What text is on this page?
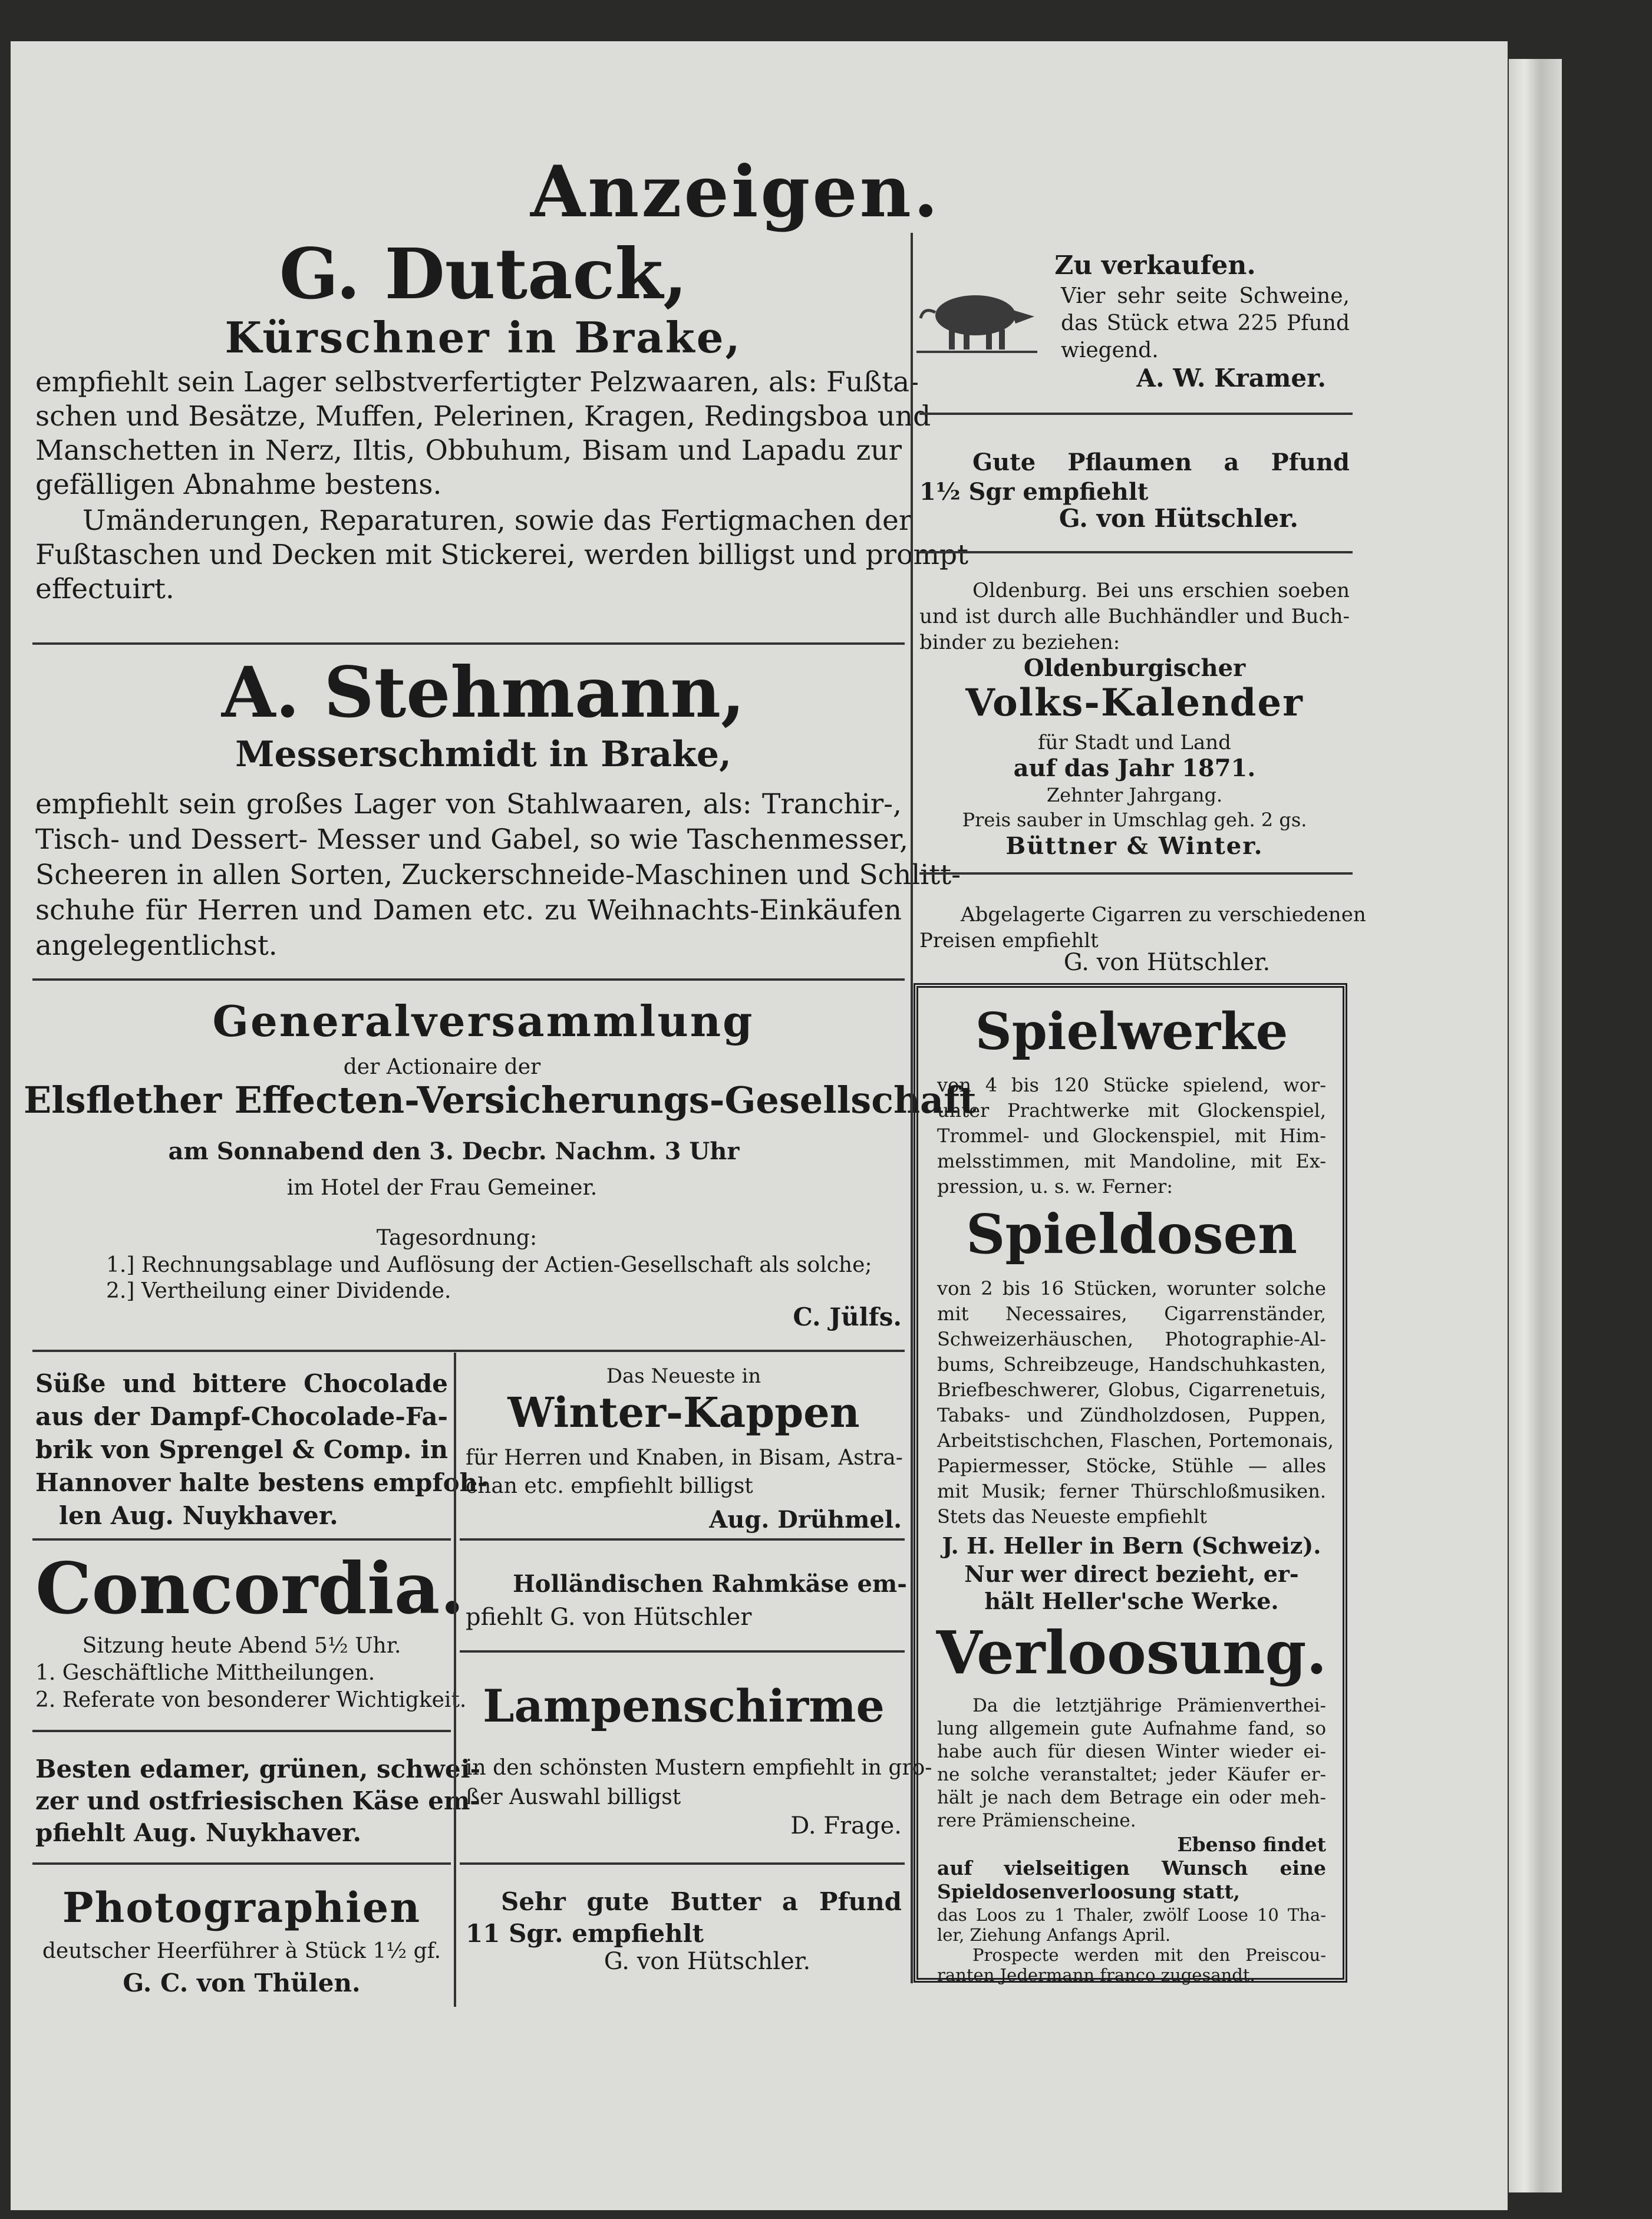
Anzeigen.
G. Dutack,
Kürschner in Brake,
empfiehlt sein Lager selbstverfertigter Pelzwaaren, als: Fußta-
schen und Besätze, Muffen, Pelerinen, Kragen, Redingsboa und
Manschetten in Nerz, Iltis, Obbuhum, Bisam und Lapadu zur
gefälligen Abnahme bestens.
Umänderungen, Reparaturen, sowie das Fertigmachen der
Fußtaschen und Decken mit Stickerei, werden billigst und prompt
effectuirt.
A. Stehmann,
Messerschmidt in Brake,
empfiehlt sein großes Lager von Stahlwaaren, als: Tranchir-,
Tisch- und Dessert- Messer und Gabel, so wie Taschenmesser,
Scheeren in allen Sorten, Zuckerschneide-Maschinen und Schlitt-
schuhe für Herren und Damen etc. zu Weihnachts-Einkäufen
angelegentlichst.
Generalversammlung
der Actionaire der
Elsflether Effecten-Versicherungs-Gesellschaft
am Sonnabend den 3. Decbr. Nachm. 3 Uhr
im Hotel der Frau Gemeiner.
Tagesordnung:
1.] Rechnungsablage und Auflösung der Actien-Gesellschaft als solche;
2.] Vertheilung einer Dividende.
C. Jülfs.
Süße und bittere Chocolade
aus der Dampf-Chocolade-Fa-
brik von Sprengel & Comp. in
Hannover halte bestens empfoh-
len Aug. Nuykhaver.
Concordia.
Sitzung heute Abend 5½ Uhr.
1. Geschäftliche Mittheilungen.
2. Referate von besonderer Wichtigkeit.
Besten edamer, grünen, schwei-
zer und ostfriesischen Käse em-
pfiehlt Aug. Nuykhaver.
Photographien
deutscher Heerführer à Stück 1½ gf.
G. C. von Thülen.
Das Neueste in
Winter-Kappen
für Herren und Knaben, in Bisam, Astra-
chan etc. empfiehlt billigst
Aug. Drühmel.
Holländischen Rahmkäse em-
pfiehlt G. von Hütschler
Lampenschirme
in den schönsten Mustern empfiehlt in gro-
ßer Auswahl billigst
D. Frage.
Sehr gute Butter a Pfund
11 Sgr. empfiehlt
G. von Hütschler.
Zu verkaufen.
Vier sehr seite Schweine,
das Stück etwa 225 Pfund
wiegend.
A. W. Kramer.
Gute Pflaumen a Pfund
1½ Sgr empfiehlt
G. von Hütschler.
Oldenburg. Bei uns erschien soeben
und ist durch alle Buchhändler und Buch-
binder zu beziehen:
Oldenburgischer
Volks-Kalender
für Stadt und Land
auf das Jahr 1871.
Zehnter Jahrgang.
Preis sauber in Umschlag geh. 2 gs.
Büttner & Winter.
Abgelagerte Cigarren zu verschiedenen
Preisen empfiehlt
G. von Hütschler.
Spielwerke
von 4 bis 120 Stücke spielend, wor-
unter Prachtwerke mit Glockenspiel,
Trommel- und Glockenspiel, mit Him-
melsstimmen, mit Mandoline, mit Ex-
pression, u. s. w. Ferner:
Spieldosen
von 2 bis 16 Stücken, worunter solche
mit Necessaires, Cigarrenständer,
Schweizerhäuschen, Photographie-Al-
bums, Schreibzeuge, Handschuhkasten,
Briefbeschwerer, Globus, Cigarrenetuis,
Tabaks- und Zündholzdosen, Puppen,
Arbeitstischchen, Flaschen, Portemonais,
Papiermesser, Stöcke, Stühle — alles
mit Musik; ferner Thürschloßmusiken.
Stets das Neueste empfiehlt
J. H. Heller in Bern (Schweiz).
Nur wer direct bezieht, er-
hält Heller'sche Werke.
Verloosung.
Da die letztjährige Prämienverthei-
lung allgemein gute Aufnahme fand, so
habe auch für diesen Winter wieder ei-
ne solche veranstaltet; jeder Käufer er-
hält je nach dem Betrage ein oder meh-
rere Prämienscheine.
Ebenso findet
auf vielseitigen Wunsch eine
Spieldosenverloosung statt,
das Loos zu 1 Thaler, zwölf Loose 10 Tha-
ler, Ziehung Anfangs April.
Prospecte werden mit den Preiscou-
ranten Jedermann franco zugesandt.
